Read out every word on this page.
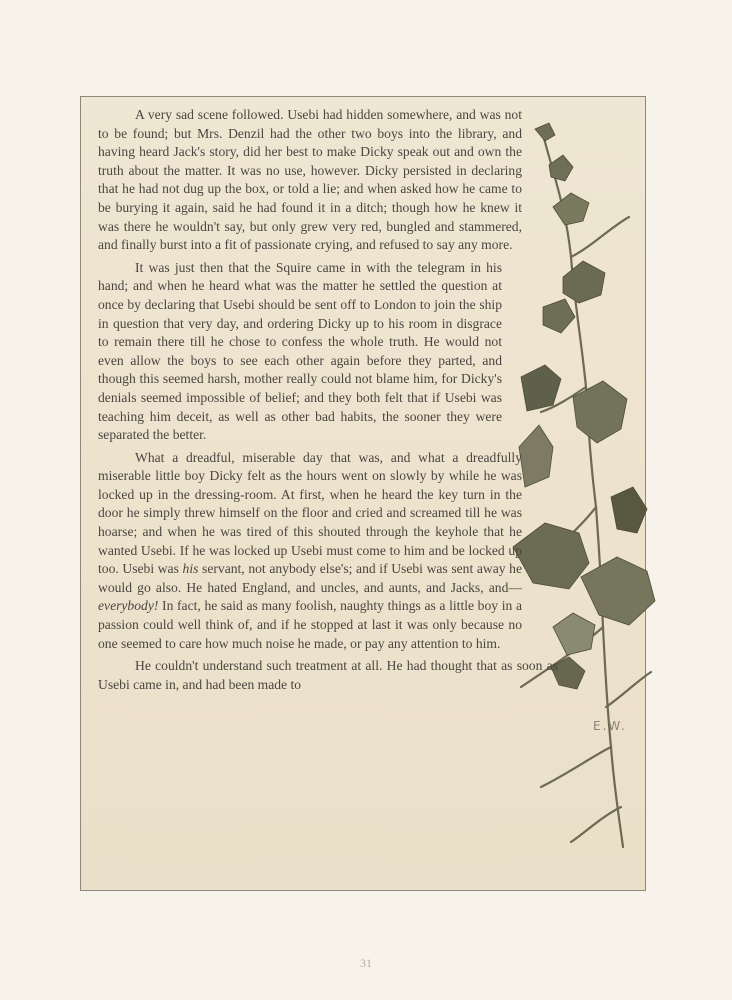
A very sad scene followed. Usebi had hidden somewhere, and was not to be found; but Mrs. Denzil had the other two boys into the library, and having heard Jack's story, did her best to make Dicky speak out and own the truth about the matter. It was no use, however. Dicky persisted in declaring that he had not dug up the box, or told a lie; and when asked how he came to be burying it again, said he had found it in a ditch; though how he knew it was there he wouldn't say, but only grew very red, bungled and stammered, and finally burst into a fit of passionate crying, and refused to say any more.

It was just then that the Squire came in with the telegram in his hand; and when he heard what was the matter he settled the question at once by declaring that Usebi should be sent off to London to join the ship in question that very day, and ordering Dicky up to his room in disgrace to remain there till he chose to confess the whole truth. He would not even allow the boys to see each other again before they parted, and though this seemed harsh, mother really could not blame him, for Dicky's denials seemed impossible of belief; and they both felt that if Usebi was teaching him deceit, as well as other bad habits, the sooner they were separated the better.

What a dreadful, miserable day that was, and what a dreadfully miserable little boy Dicky felt as the hours went on slowly by while he was locked up in the dressing-room. At first, when he heard the key turn in the door he simply threw himself on the floor and cried and screamed till he was hoarse; and when he was tired of this shouted through the keyhole that he wanted Usebi. If he was locked up Usebi must come to him and be locked up too. Usebi was his servant, not anybody else's; and if Usebi was sent away he would go also. He hated England, and uncles, and aunts, and Jacks, and—everybody! In fact, he said as many foolish, naughty things as a little boy in a passion could well think of, and if he stopped at last it was only because no one seemed to care how much noise he made, or pay any attention to him.

He couldn't understand such treatment at all. He had thought that as soon as Usebi came in, and had been made to

E.W.
31
